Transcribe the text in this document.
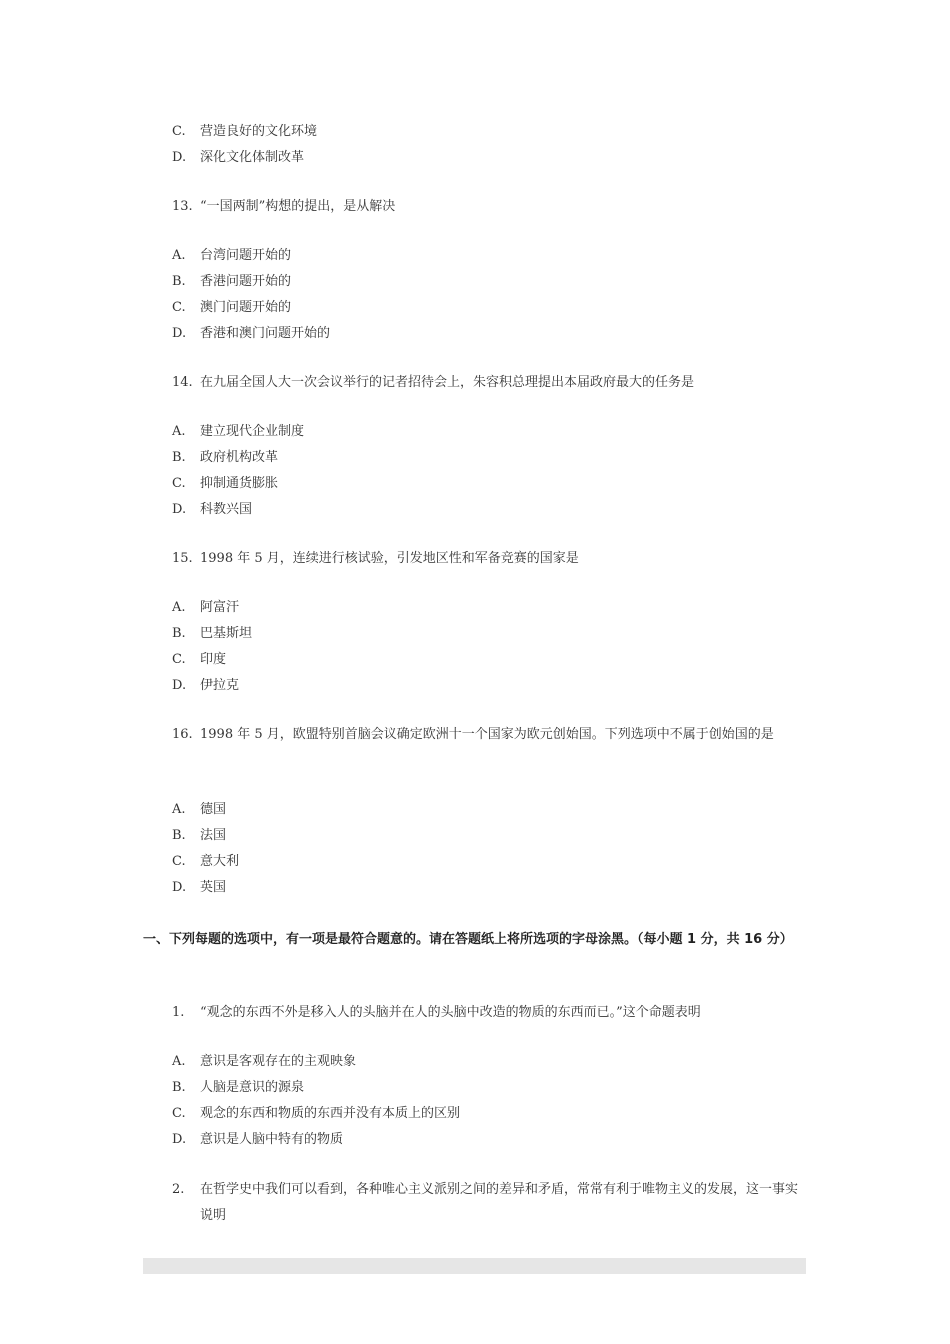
C. 营造良好的文化环境
D. 深化文化体制改革
13. “一国两制”构想的提出，是从解决
A. 台湾问题开始的
B. 香港问题开始的
C. 澳门问题开始的
D. 香港和澳门问题开始的
14. 在九届全国人大一次会议举行的记者招待会上，朱容积总理提出本届政府最大的任务是
A. 建立现代企业制度
B. 政府机构改革
C. 抑制通货膨胀
D. 科教兴国
15. 1998 年 5 月，连续进行核试验，引发地区性和军备竞赛的国家是
A. 阿富汗
B. 巴基斯坦
C. 印度
D. 伊拉克
16. 1998 年 5 月，欧盟特别首脑会议确定欧洲十一个国家为欧元创始国。下列选项中不属于创始国的是
A. 德国
B. 法国
C. 意大利
D. 英国
一、下列每题的选项中，有一项是最符合题意的。请在答题纸上将所选项的字母涂黑。（每小题 1 分，共 16 分）
1. “观念的东西不外是移入人的头脑并在人的头脑中改造的物质的东西而已。”这个命题表明
A. 意识是客观存在的主观映象
B. 人脑是意识的源泉
C. 观念的东西和物质的东西并没有本质上的区别
D. 意识是人脑中特有的物质
2. 在哲学史中我们可以看到，各种唯心主义派别之间的差异和矛盾，常常有利于唯物主义的发展，这一事实说明
